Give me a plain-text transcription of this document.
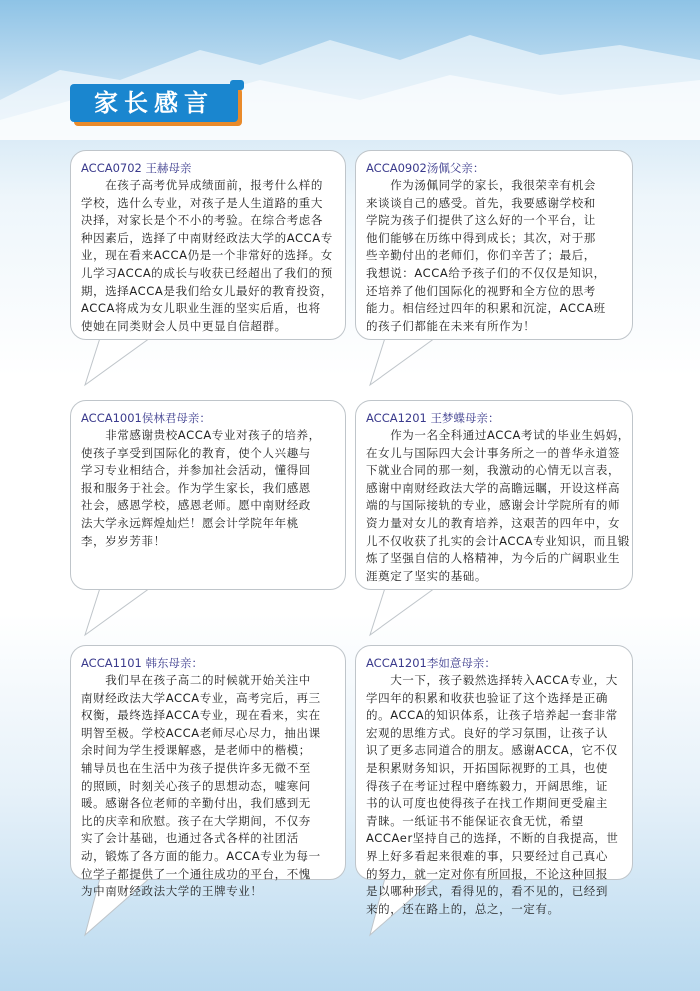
家长感言
ACCA0702 王赫母亲
　　在孩子高考优异成绩面前，报考什么样的
学校，选什么专业，对孩子是人生道路的重大
决择，对家长是个不小的考验。在综合考虑各
种因素后，选择了中南财经政法大学的ACCA专
业，现在看来ACCA仍是一个非常好的选择。女
儿学习ACCA的成长与收获已经超出了我们的预
期，选择ACCA是我们给女儿最好的教育投资，
ACCA将成为女儿职业生涯的坚实后盾，也将
使她在同类财会人员中更显自信超群。
ACCA0902汤佩父亲：
　　作为汤佩同学的家长，我很荣幸有机会
来谈谈自己的感受。首先，我要感谢学校和
学院为孩子们提供了这么好的一个平台，让
他们能够在历练中得到成长；其次，对于那
些辛勤付出的老师们，你们辛苦了；最后，
我想说：ACCA给予孩子们的不仅仅是知识，
还培养了他们国际化的视野和全方位的思考
能力。相信经过四年的积累和沉淀，ACCA班
的孩子们都能在未来有所作为！
ACCA1001侯林君母亲：
　　非常感谢贵校ACCA专业对孩子的培养，
使孩子享受到国际化的教育，使个人兴趣与
学习专业相结合，并参加社会活动，懂得回
报和服务于社会。作为学生家长，我们感恩
社会，感恩学校，感恩老师。愿中南财经政
法大学永远辉煌灿烂！愿会计学院年年桃
李，岁岁芳菲！
ACCA1201 王梦蝶母亲：
　　作为一名全科通过ACCA考试的毕业生妈妈，
在女儿与国际四大会计事务所之一的普华永道签
下就业合同的那一刻，我激动的心情无以言表，
感谢中南财经政法大学的高瞻远瞩，开设这样高
端的与国际接轨的专业，感谢会计学院所有的师
资力量对女儿的教育培养，这艰苦的四年中，女
儿不仅收获了扎实的会计ACCA专业知识，而且锻
炼了坚强自信的人格精神，为今后的广阔职业生
涯奠定了坚实的基础。
ACCA1101 韩东母亲：
　　我们早在孩子高二的时候就开始关注中
南财经政法大学ACCA专业，高考完后，再三
权衡，最终选择ACCA专业，现在看来，实在
明智至极。学校ACCA老师尽心尽力，抽出课
余时间为学生授课解惑，是老师中的楷模；
辅导员也在生活中为孩子提供许多无微不至
的照顾，时刻关心孩子的思想动态，嘘寒问
暖。感谢各位老师的辛勤付出，我们感到无
比的庆幸和欣慰。孩子在大学期间，不仅夯
实了会计基础，也通过各式各样的社团活
动，锻炼了各方面的能力。ACCA专业为每一
位学子都提供了一个通往成功的平台，不愧
为中南财经政法大学的王牌专业！
ACCA1201李如意母亲：
　　大一下，孩子毅然选择转入ACCA专业，大
学四年的积累和收获也验证了这个选择是正确
的。ACCA的知识体系，让孩子培养起一套非常
宏观的思维方式。良好的学习氛围，让孩子认
识了更多志同道合的朋友。感谢ACCA，它不仅
是积累财务知识，开拓国际视野的工具，也使
得孩子在考证过程中磨练毅力，开阔思维，证
书的认可度也使得孩子在找工作期间更受雇主
青睐。一纸证书不能保证衣食无忧，希望
ACCAer坚持自己的选择，不断的自我提高，世
界上好多看起来很难的事，只要经过自己真心
的努力，就一定对你有所回报，不论这种回报
是以哪种形式，看得见的，看不见的，已经到
来的，还在路上的，总之，一定有。
